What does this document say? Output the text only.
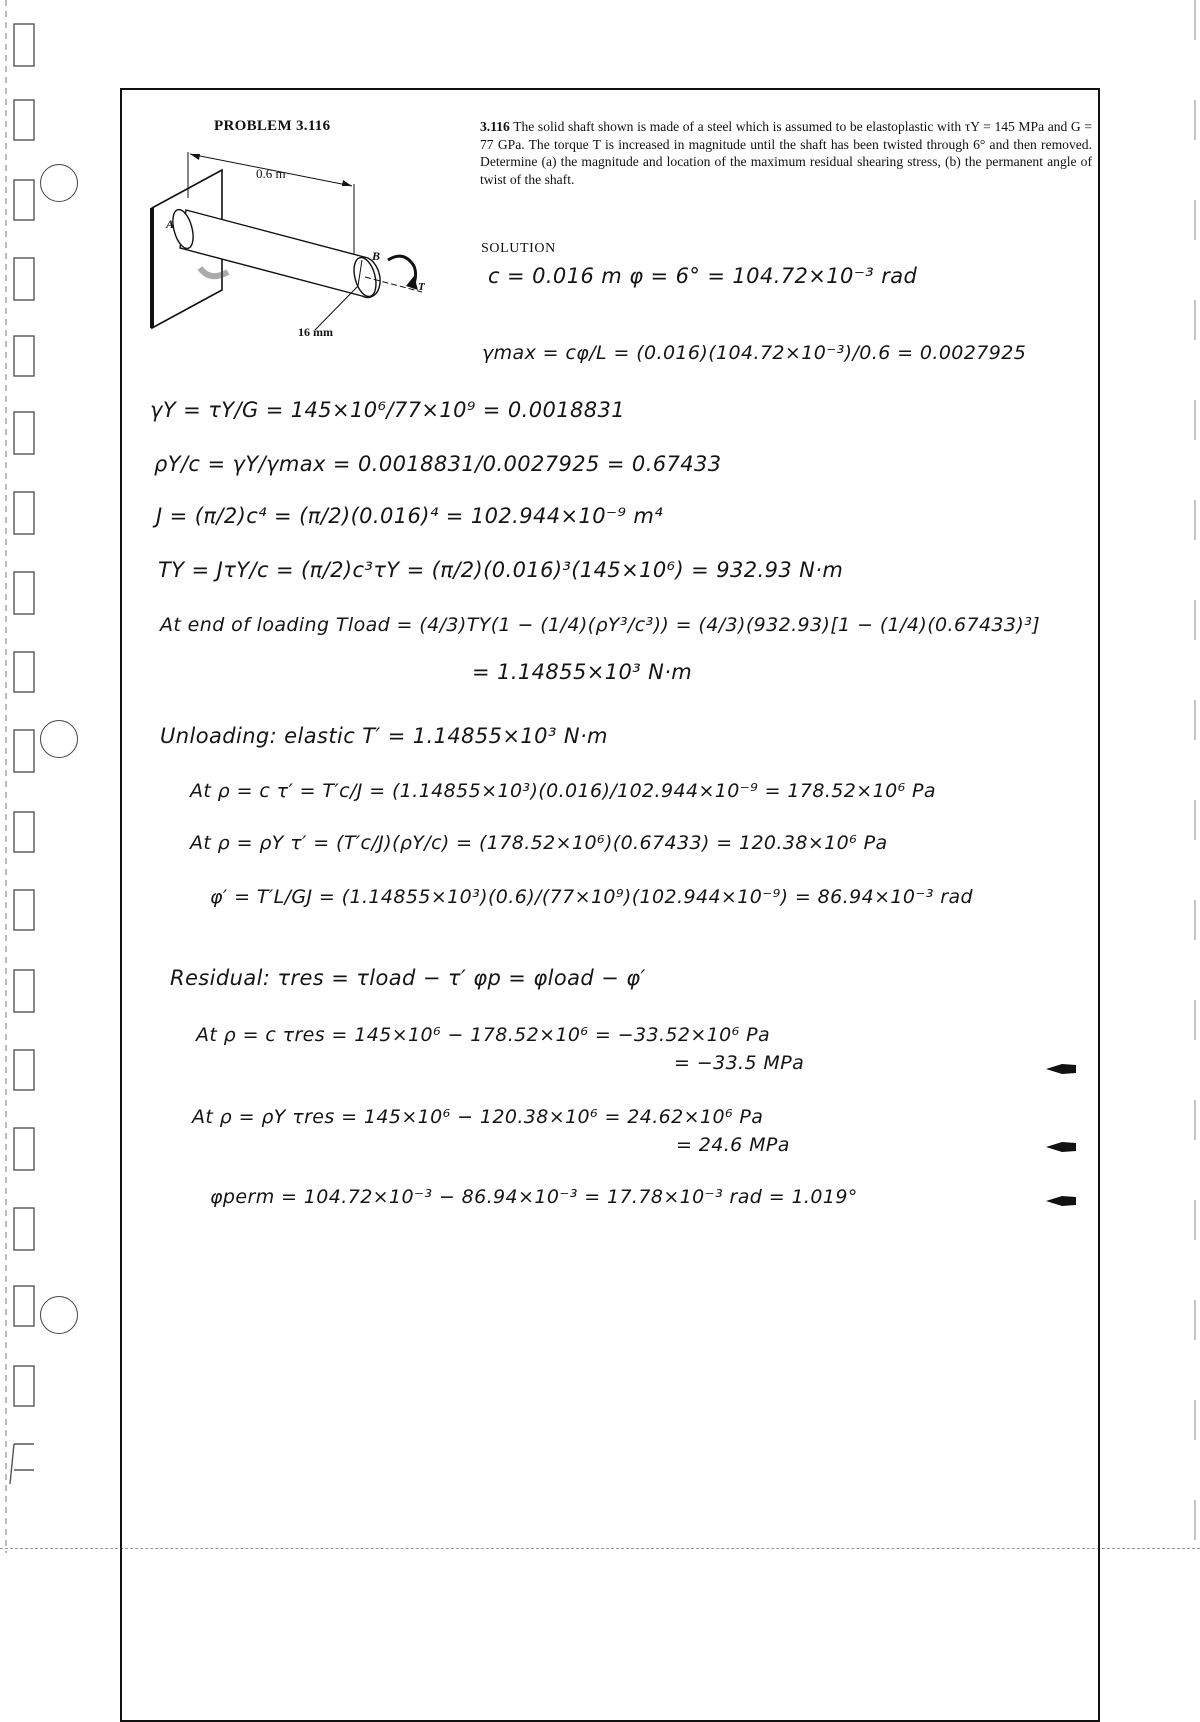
PROBLEM 3.116	3.116 The solid shaft shown is made of a steel which is assumed to be elastoplastic with τY = 145 MPa and G = 77 GPa. The torque T is increased in magnitude until the shaft has been twisted through 6° and then removed. Determine (a) the magnitude and location of the maximum residual shearing stress, (b) the permanent angle of twist of the shaft.
0.6 m
A
B
16 mm
T
SOLUTION
c = 0.016 m φ = 6° = 104.72×10⁻³ rad
γmax = cφ/L = (0.016)(104.72×10⁻³)/0.6 = 0.0027925
γY = τY/G = 145×10⁶/77×10⁹ = 0.0018831
ρY/c = γY/γmax = 0.0018831/0.0027925 = 0.67433
J = (π/2)c⁴ = (π/2)(0.016)⁴ = 102.944×10⁻⁹ m⁴
TY = JτY/c = (π/2)c³τY = (π/2)(0.016)³(145×10⁶) = 932.93 N·m
At end of loading Tload = (4/3)TY(1 − (1/4)(ρY³/c³)) = (4/3)(932.93)[1 − (1/4)(0.67433)³]
= 1.14855×10³ N·m
Unloading: elastic T′ = 1.14855×10³ N·m
At ρ = c τ′ = T′c/J = (1.14855×10³)(0.016)/102.944×10⁻⁹ = 178.52×10⁶ Pa
At ρ = ρY τ′ = (T′c/J)(ρY/c) = (178.52×10⁶)(0.67433) = 120.38×10⁶ Pa
φ′ = T′L/GJ = (1.14855×10³)(0.6)/(77×10⁹)(102.944×10⁻⁹) = 86.94×10⁻³ rad
Residual: τres = τload − τ′ φp = φload − φ′
At ρ = c τres = 145×10⁶ − 178.52×10⁶ = −33.52×10⁶ Pa
= −33.5 MPa
At ρ = ρY τres = 145×10⁶ − 120.38×10⁶ = 24.62×10⁶ Pa
= 24.6 MPa
φperm = 104.72×10⁻³ − 86.94×10⁻³ = 17.78×10⁻³ rad = 1.019°
